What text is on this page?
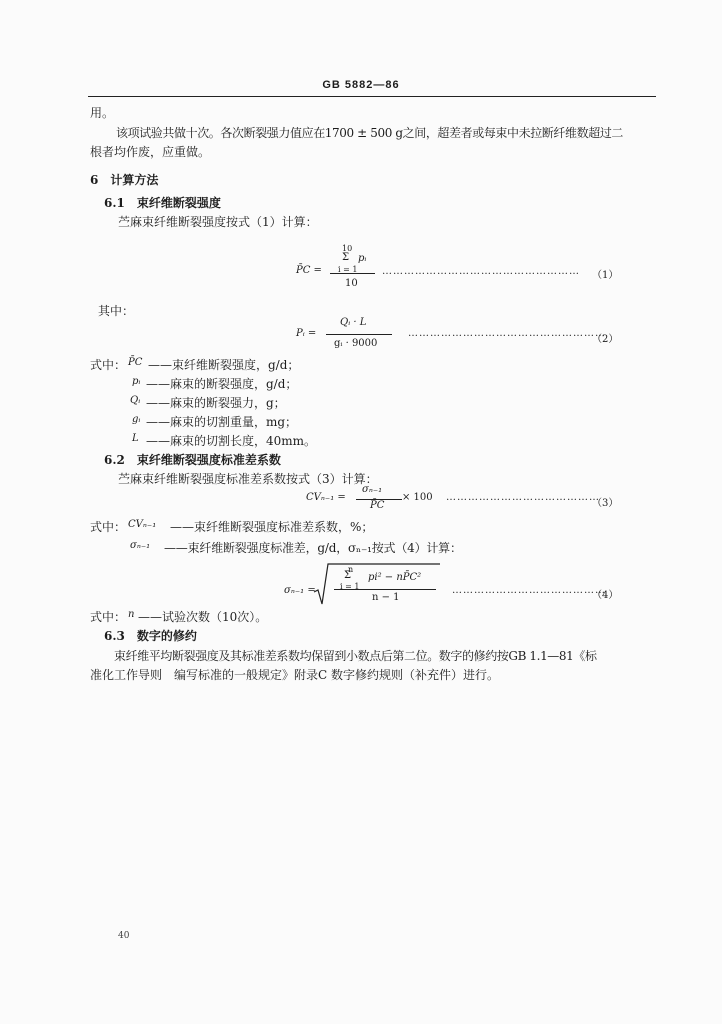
GB 5882—86
用。
该项试验共做十次。各次断裂强力值应在1700 ± 500 g之间，超差者或每束中未拉断纤维数超过二
根者均作废，应重做。
6　计算方法
6.1　束纤维断裂强度
苎麻束纤维断裂强度按式（1）计算：
P̄C =
10
Σ
i = 1
pᵢ
10
……………………………………………… （1）
其中：
Pᵢ =
Qᵢ · L
gᵢ · 9000
………………………………………………
（2）
式中： P̄C ——束纤维断裂强度，g/d；
pᵢ ——麻束的断裂强度，g/d；
Qᵢ ——麻束的断裂强力，g；
gᵢ ——麻束的切割重量，mg；
L ——麻束的切割长度，40mm。
6.2　束纤维断裂强度标准差系数
苎麻束纤维断裂强度标准差系数按式（3）计算：
CVₙ₋₁ =
σₙ₋₁
P̄C
× 100 ……………………………………
（3）
式中： CVₙ₋₁ ——束纤维断裂强度标准差系数，%；
σₙ₋₁ ——束纤维断裂强度标准差，g/d，σₙ₋₁按式（4）计算：
σₙ₋₁ =
n
Σ
i = 1
pi² − nP̄C²
n − 1
……………………………………
（4）
式中： n ——试验次数（10次）。
6.3　数字的修约
束纤维平均断裂强度及其标准差系数均保留到小数点后第二位。数字的修约按GB 1.1—81《标
准化工作导则　编写标准的一般规定》附录C 数字修约规则（补充件）进行。
40
